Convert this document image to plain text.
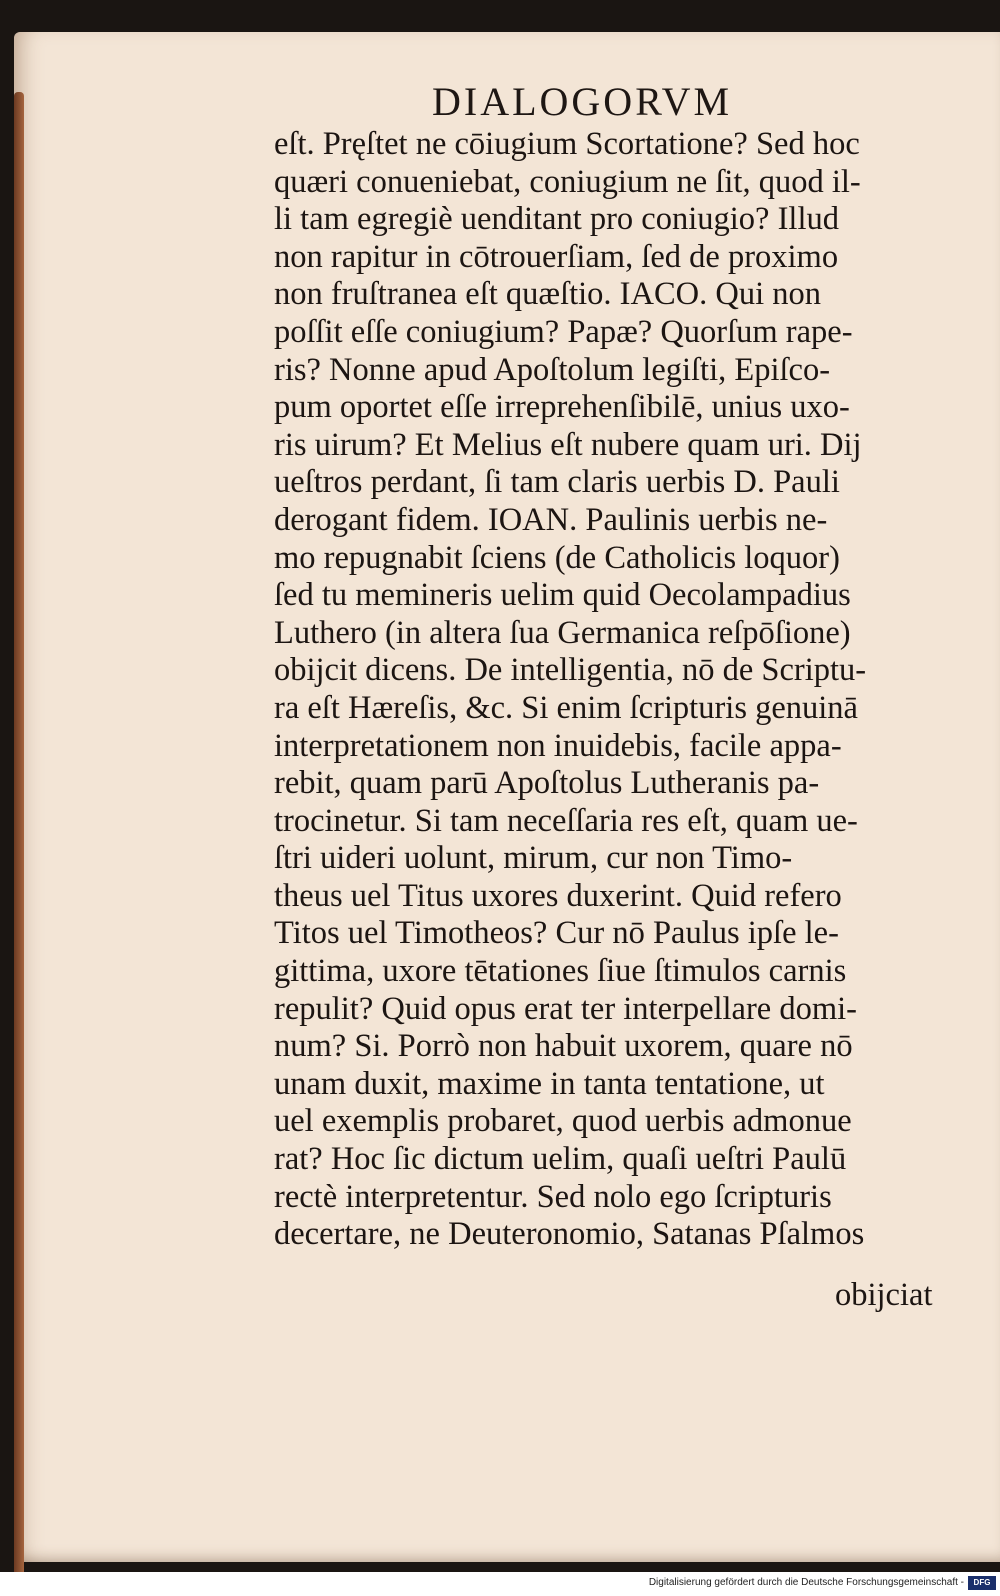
DIALOGORVM
eſt. Pręſtet ne cōiugium Scortatione? Sed hoc
quæri conueniebat, coniugium ne ſit, quod il-
li tam egregiè uenditant pro coniugio? Illud
non rapitur in cōtrouerſiam, ſed de proximo
non fruſtranea eſt quæſtio. IACO. Qui non
poſſit eſſe coniugium? Papæ? Quorſum rape-
ris? Nonne apud Apoſtolum legiſti, Epiſco-
pum oportet eſſe irreprehenſibilē, unius uxo-
ris uirum? Et Melius eſt nubere quam uri. Dij
ueſtros perdant, ſi tam claris uerbis D. Pauli
derogant fidem. IOAN. Paulinis uerbis ne-
mo repugnabit ſciens (de Catholicis loquor)
ſed tu memineris uelim quid Oecolampadius
Luthero (in altera ſua Germanica reſpōſione)
obijcit dicens. De intelligentia, nō de Scriptu-
ra eſt Hæreſis, &c. Si enim ſcripturis genuinā
interpretationem non inuidebis, facile appa-
rebit, quam parū Apoſtolus Lutheranis pa-
trocinetur. Si tam neceſſaria res eſt, quam ue-
ſtri uideri uolunt, mirum, cur non Timo-
theus uel Titus uxores duxerint. Quid refero
Titos uel Timotheos? Cur nō Paulus ipſe le-
gittima, uxore tētationes ſiue ſtimulos carnis
repulit? Quid opus erat ter interpellare domi-
num? Si. Porrò non habuit uxorem, quare nō
unam duxit, maxime in tanta tentatione, ut
uel exemplis probaret, quod uerbis admonue
rat? Hoc ſic dictum uelim, quaſi ueſtri Paulū
rectè interpretentur. Sed nolo ego ſcripturis
decertare, ne Deuteronomio, Satanas Pſalmos
obijciat
Digitalisierung gefördert durch die Deutsche Forschungsgemeinschaft -	DFG
